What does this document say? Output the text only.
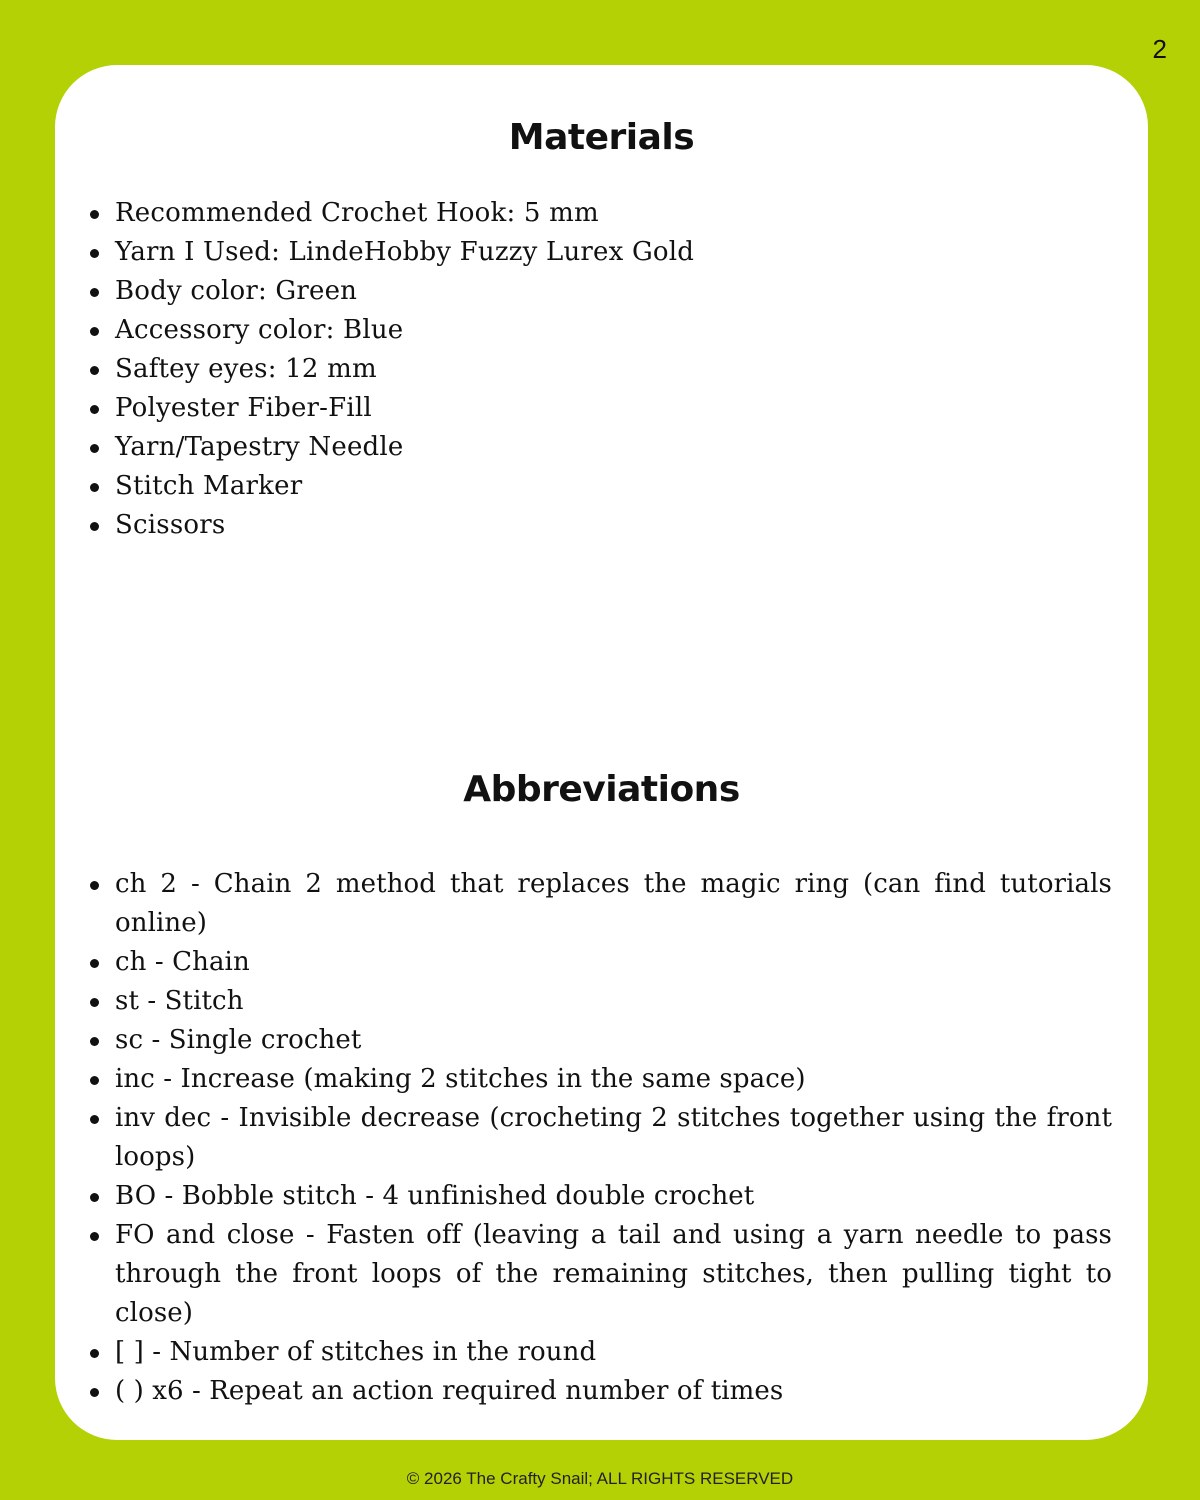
2
Materials
Recommended Crochet Hook: 5 mm
Yarn I Used: LindeHobby Fuzzy Lurex Gold
Body color: Green
Accessory color: Blue
Saftey eyes: 12 mm
Polyester Fiber-Fill
Yarn/Tapestry Needle
Stitch Marker
Scissors
Abbreviations
ch 2 - Chain 2 method that replaces the magic ring (can find tutorials online)
ch - Chain
st - Stitch
sc - Single crochet
inc - Increase (making 2 stitches in the same space)
inv dec - Invisible decrease (crocheting 2 stitches together using the front loops)
BO - Bobble stitch - 4 unfinished double crochet
FO and close - Fasten off (leaving a tail and using a yarn needle to pass through the front loops of the remaining stitches, then pulling tight to close)
[ ] - Number of stitches in the round
( ) x6 - Repeat an action required number of times
© 2026 The Crafty Snail; ALL RIGHTS RESERVED
